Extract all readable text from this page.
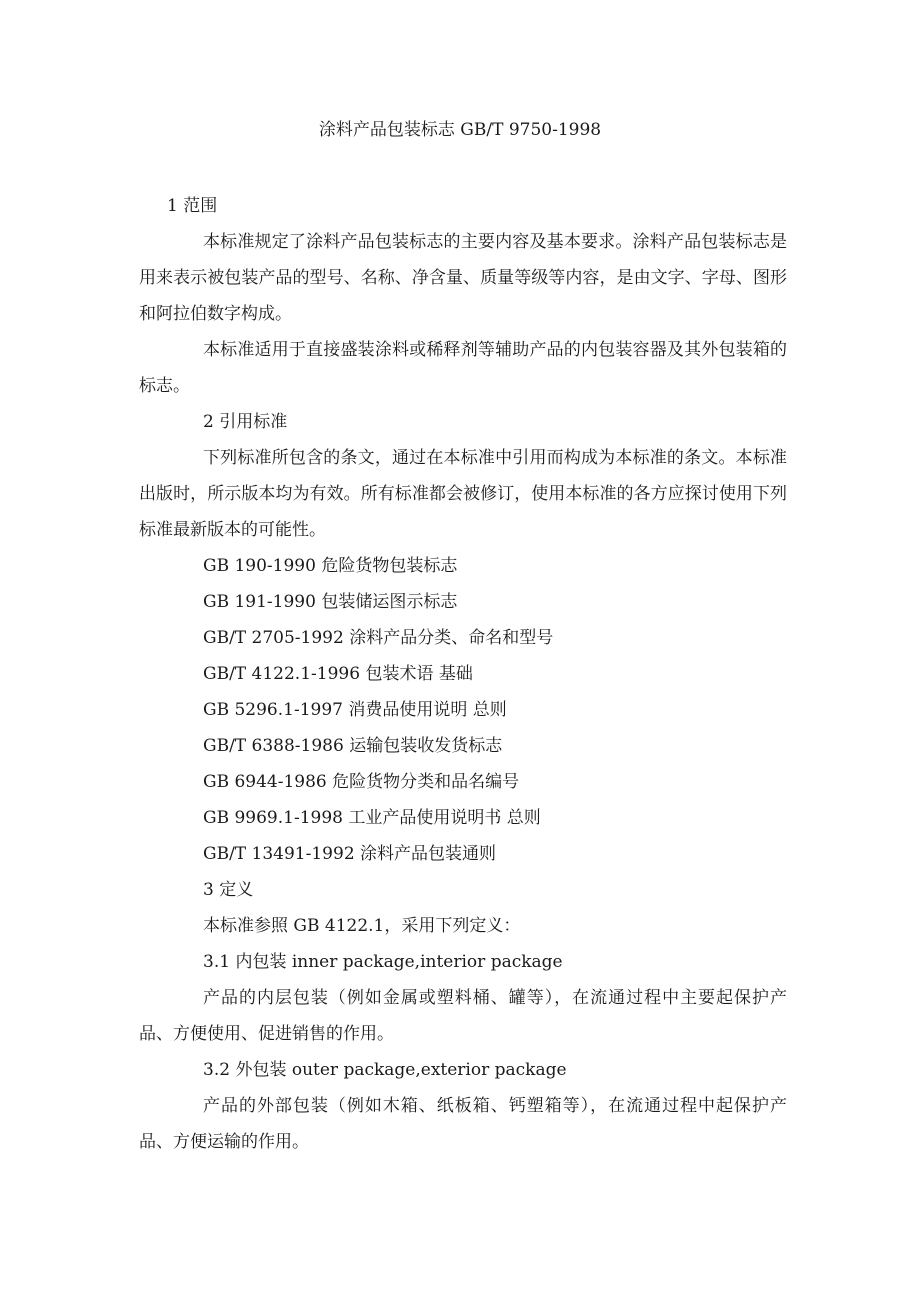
涂料产品包装标志 GB/T 9750-1998

1 范围

本标准规定了涂料产品包装标志的主要内容及基本要求。涂料产品包装标志是用来表示被包装产品的型号、名称、净含量、质量等级等内容，是由文字、字母、图形和阿拉伯数字构成。

本标准适用于直接盛装涂料或稀释剂等辅助产品的内包装容器及其外包装箱的标志。

2 引用标准

下列标准所包含的条文，通过在本标准中引用而构成为本标准的条文。本标准出版时，所示版本均为有效。所有标准都会被修订，使用本标准的各方应探讨使用下列标准最新版本的可能性。

GB 190-1990 危险货物包装标志

GB 191-1990 包装储运图示标志

GB/T 2705-1992 涂料产品分类、命名和型号

GB/T 4122.1-1996 包装术语 基础

GB 5296.1-1997 消费品使用说明 总则

GB/T 6388-1986 运输包装收发货标志

GB 6944-1986 危险货物分类和品名编号

GB 9969.1-1998 工业产品使用说明书 总则

GB/T 13491-1992 涂料产品包装通则

3 定义

本标准参照 GB 4122.1，采用下列定义：

3.1 内包装 inner package,interior package

产品的内层包装（例如金属或塑料桶、罐等），在流通过程中主要起保护产品、方便使用、促进销售的作用。

3.2 外包装 outer package,exterior package

产品的外部包装（例如木箱、纸板箱、钙塑箱等），在流通过程中起保护产品、方便运输的作用。
